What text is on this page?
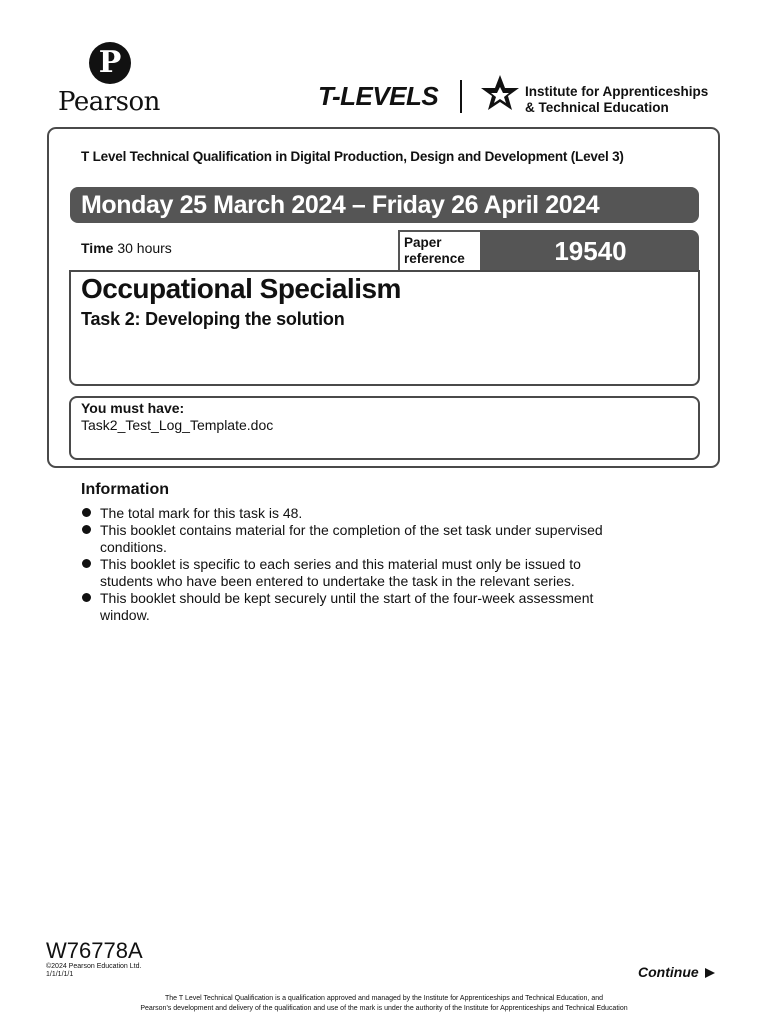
P
Pearson	T-LEVELS	Institute for Apprenticeships
& Technical Education
T Level Technical Qualification in Digital Production, Design and Development (Level 3)
Monday 25 March 2024 – Friday 26 April 2024
Time 30 hours	Paper
reference	19540
Occupational Specialism
Task 2: Developing the solution
You must have:
Task2_Test_Log_Template.doc
Information
The total mark for this task is 48.
This booklet contains material for the completion of the set task under supervised conditions.
This booklet is specific to each series and this material must only be issued to students who have been entered to undertake the task in the relevant series.
This booklet should be kept securely until the start of the four-week assessment window.
W76778A
©2024 Pearson Education Ltd.
1/1/1/1/1	Continue
The T Level Technical Qualification is a qualification approved and managed by the Institute for Apprenticeships and Technical Education, and
Pearson's development and delivery of the qualification and use of the mark is under the authority of the Institute for Apprenticeships and Technical Education
